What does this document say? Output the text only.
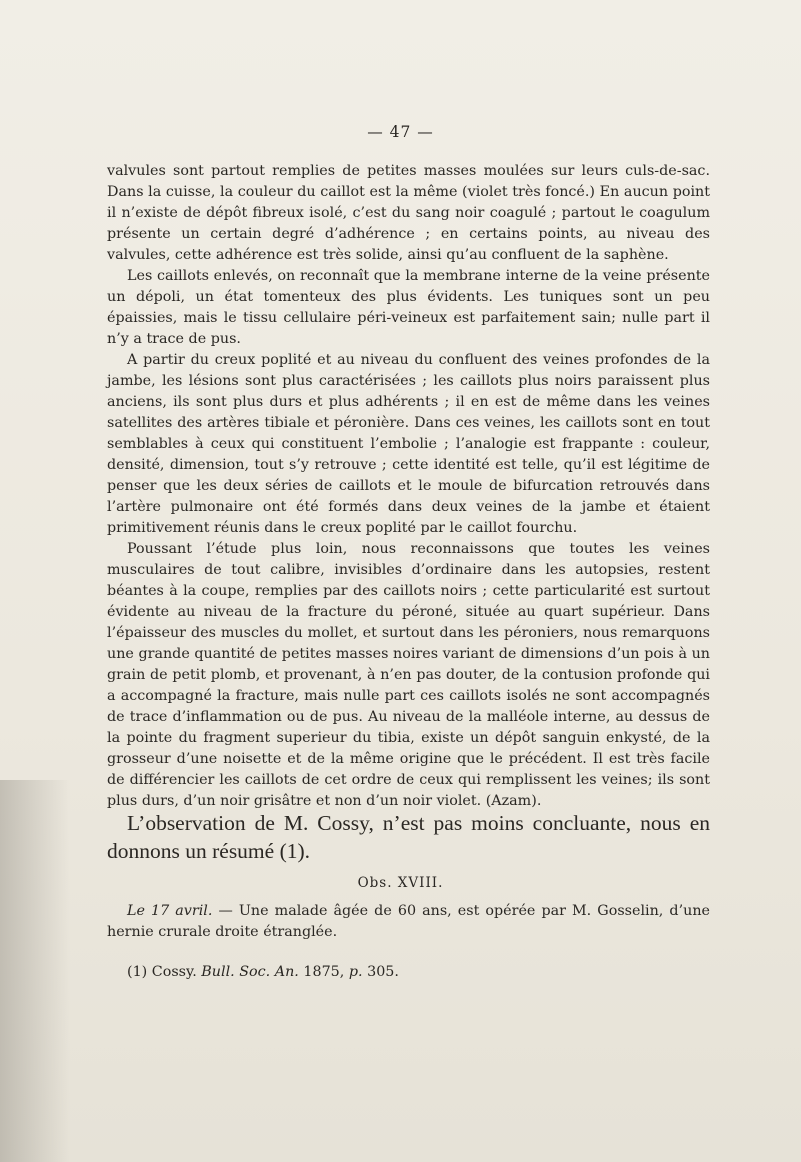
— 47 —

valvules sont partout remplies de petites masses moulées sur leurs culs-de-sac. Dans la cuisse, la couleur du caillot est la même (violet très foncé.) En aucun point il n’existe de dépôt fibreux isolé, c’est du sang noir coagulé ; partout le coagulum présente un certain degré d’adhérence ; en certains points, au niveau des valvules, cette adhérence est très solide, ainsi qu’au confluent de la saphène.

Les caillots enlevés, on reconnaît que la membrane interne de la veine présente un dépoli, un état tomenteux des plus évidents. Les tuniques sont un peu épaissies, mais le tissu cellulaire péri-veineux est parfaitement sain; nulle part il n’y a trace de pus.

A partir du creux poplité et au niveau du confluent des veines profondes de la jambe, les lésions sont plus caractérisées ; les caillots plus noirs paraissent plus anciens, ils sont plus durs et plus adhérents ; il en est de même dans les veines satellites des artères tibiale et péronière. Dans ces veines, les caillots sont en tout semblables à ceux qui constituent l’embolie ; l’analogie est frappante : couleur, densité, dimension, tout s’y retrouve ; cette identité est telle, qu’il est légitime de penser que les deux séries de caillots et le moule de bifurcation retrouvés dans l’artère pulmonaire ont été formés dans deux veines de la jambe et étaient primitivement réunis dans le creux poplité par le caillot fourchu.

Poussant l’étude plus loin, nous reconnaissons que toutes les veines musculaires de tout calibre, invisibles d’ordinaire dans les autopsies, restent béantes à la coupe, remplies par des caillots noirs ; cette particularité est surtout évidente au niveau de la fracture du péroné, située au quart supérieur. Dans l’épaisseur des muscles du mollet, et surtout dans les péroniers, nous remarquons une grande quantité de petites masses noires variant de dimensions d’un pois à un grain de petit plomb, et provenant, à n’en pas douter, de la contusion profonde qui a accompagné la fracture, mais nulle part ces caillots isolés ne sont accompagnés de trace d’inflammation ou de pus. Au niveau de la malléole interne, au dessus de la pointe du fragment superieur du tibia, existe un dépôt sanguin enkysté, de la grosseur d’une noisette et de la même origine que le précédent. Il est très facile de différencier les caillots de cet ordre de ceux qui remplissent les veines; ils sont plus durs, d’un noir grisâtre et non d’un noir violet. (Azam).

L’observation de M. Cossy, n’est pas moins concluante, nous en donnons un résumé (1).
Obs. XVIII.

Le 17 avril. — Une malade âgée de 60 ans, est opérée par M. Gosselin, d’une hernie crurale droite étranglée.

(1) Cossy. Bull. Soc. An. 1875, p. 305.
